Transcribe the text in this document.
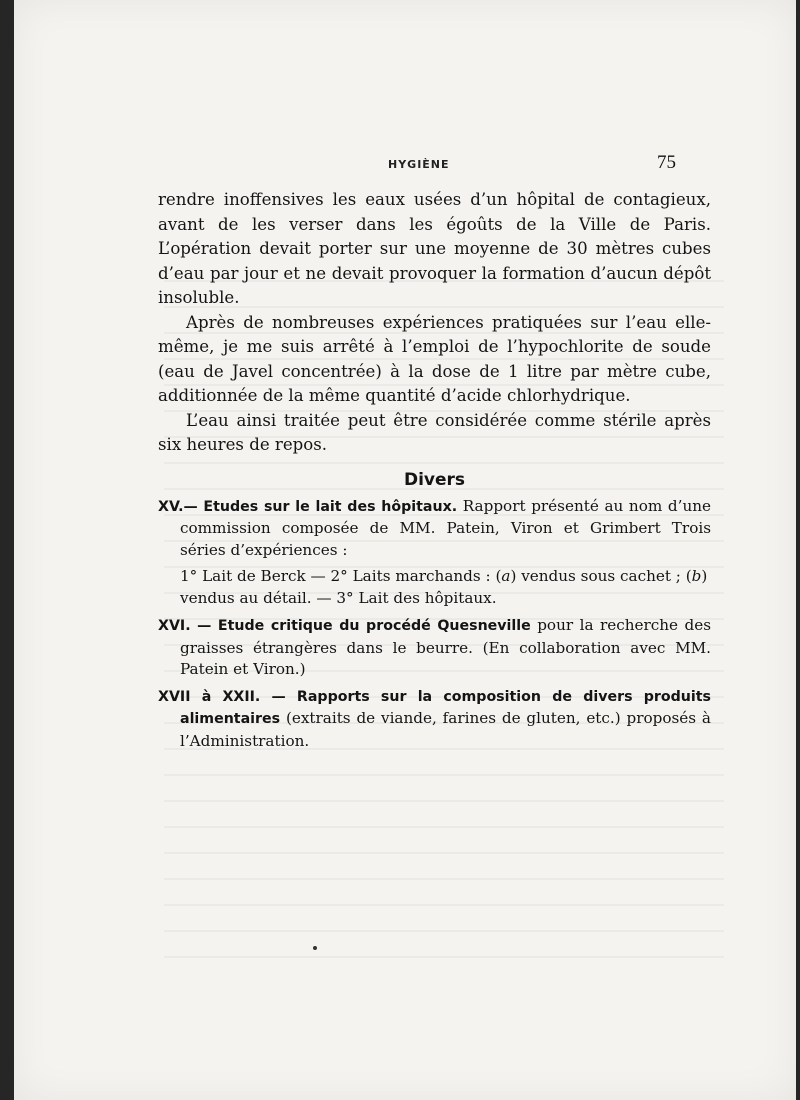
HYGIÈNE	75

rendre inoffensives les eaux usées d’un hôpital de contagieux, avant de les verser dans les égoûts de la Ville de Paris. L’opération devait porter sur une moyenne de 30 mètres cubes d’eau par jour et ne devait provoquer la formation d’aucun dépôt insoluble.

Après de nombreuses expériences pratiquées sur l’eau elle-même, je me suis arrêté à l’emploi de l’hypochlorite de soude (eau de Javel concentrée) à la dose de 1 litre par mètre cube, additionnée de la même quantité d’acide chlorhydrique.

L’eau ainsi traitée peut être considérée comme stérile après six heures de repos.

Divers

XV.— Etudes sur le lait des hôpitaux. Rapport présenté au nom d’une commission composée de MM. Patein, Viron et Grimbert Trois séries d’expériences :

1° Lait de Berck — 2° Laits marchands : (a) vendus sous cachet ; (b) vendus au détail. — 3° Lait des hôpitaux.

XVI. — Etude critique du procédé Quesneville pour la recherche des graisses étrangères dans le beurre. (En collaboration avec MM. Patein et Viron.)

XVII à XXII. — Rapports sur la composition de divers produits alimentaires (extraits de viande, farines de gluten, etc.) proposés à l’Administration.
